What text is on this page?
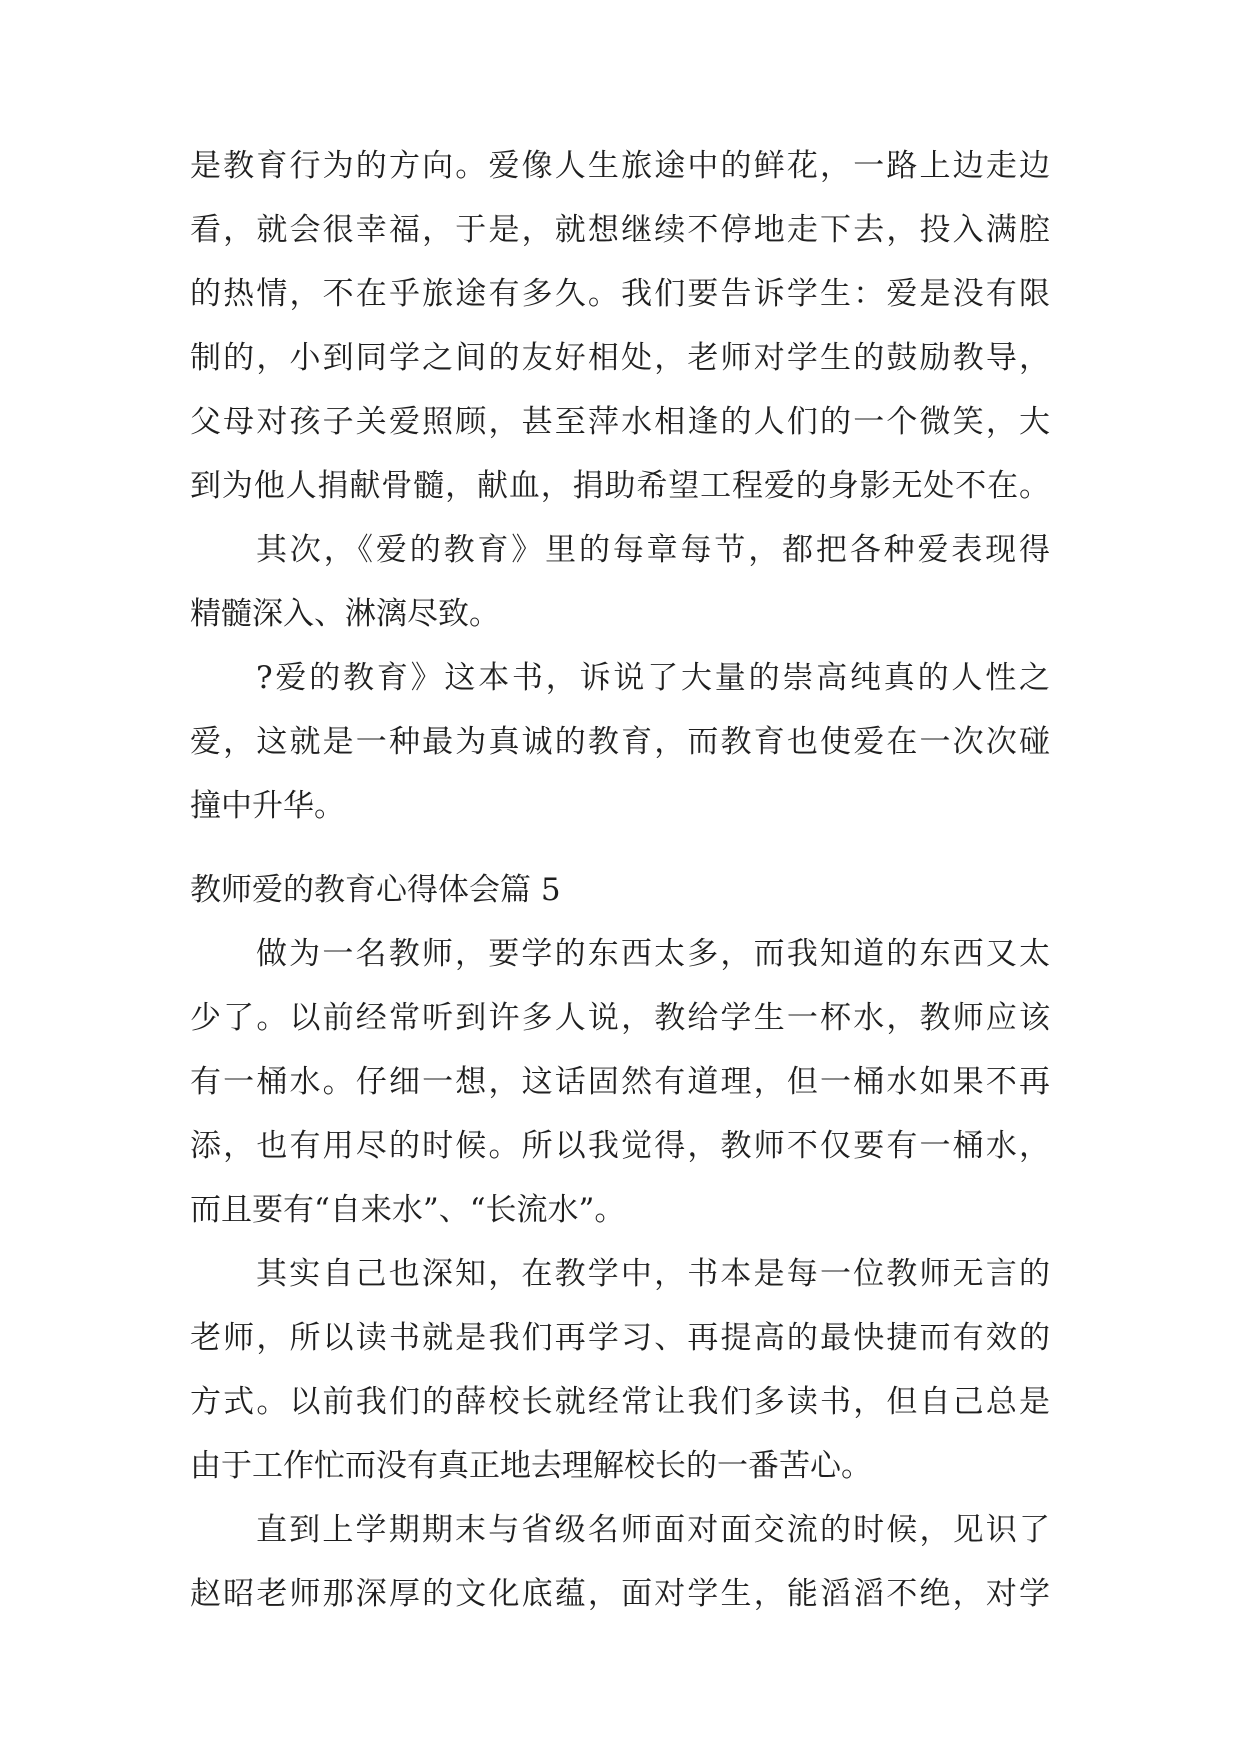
是教育行为的方向。爱像人生旅途中的鲜花，一路上边走边
看，就会很幸福，于是，就想继续不停地走下去，投入满腔
的热情，不在乎旅途有多久。我们要告诉学生：爱是没有限
制的，小到同学之间的友好相处，老师对学生的鼓励教导，
父母对孩子关爱照顾，甚至萍水相逢的人们的一个微笑，大
到为他人捐献骨髓，献血，捐助希望工程爱的身影无处不在。
其次，《爱的教育》里的每章每节，都把各种爱表现得
精髓深入、淋漓尽致。
?爱的教育》这本书，诉说了大量的崇高纯真的人性之
爱，这就是一种最为真诚的教育，而教育也使爱在一次次碰
撞中升华。
教师爱的教育心得体会篇 5
做为一名教师，要学的东西太多，而我知道的东西又太
少了。以前经常听到许多人说，教给学生一杯水，教师应该
有一桶水。仔细一想，这话固然有道理，但一桶水如果不再
添，也有用尽的时候。所以我觉得，教师不仅要有一桶水，
而且要有“自来水”、“长流水”。
其实自己也深知，在教学中，书本是每一位教师无言的
老师，所以读书就是我们再学习、再提高的最快捷而有效的
方式。以前我们的薛校长就经常让我们多读书，但自己总是
由于工作忙而没有真正地去理解校长的一番苦心。
直到上学期期末与省级名师面对面交流的时候，见识了
赵昭老师那深厚的文化底蕴，面对学生，能滔滔不绝，对学
